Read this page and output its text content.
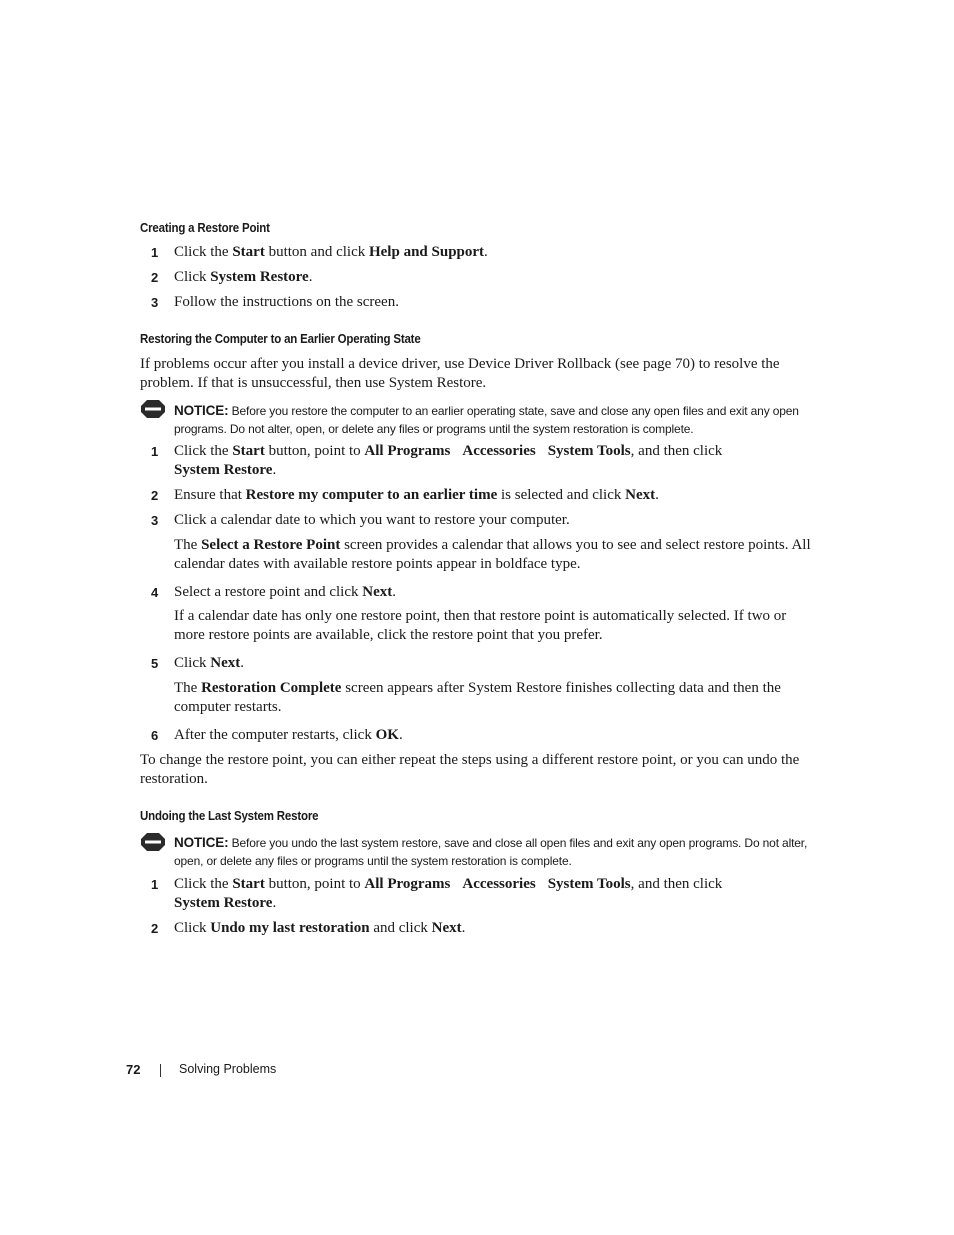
Creating a Restore Point
1	Click the Start button and click Help and Support.
2	Click System Restore.
3	Follow the instructions on the screen.
Restoring the Computer to an Earlier Operating State
If problems occur after you install a device driver, use Device Driver Rollback (see page 70) to resolve the problem. If that is unsuccessful, then use System Restore.
NOTICE: Before you restore the computer to an earlier operating state, save and close any open files and exit any open programs. Do not alter, open, or delete any files or programs until the system restoration is complete.
1	Click the Start button, point to All Programs Accessories System Tools, and then click
System Restore.
2	Ensure that Restore my computer to an earlier time is selected and click Next.
3	Click a calendar date to which you want to restore your computer.
The Select a Restore Point screen provides a calendar that allows you to see and select restore points. All calendar dates with available restore points appear in boldface type.
4	Select a restore point and click Next.
If a calendar date has only one restore point, then that restore point is automatically selected. If two or more restore points are available, click the restore point that you prefer.
5	Click Next.
The Restoration Complete screen appears after System Restore finishes collecting data and then the computer restarts.
6	After the computer restarts, click OK.
To change the restore point, you can either repeat the steps using a different restore point, or you can undo the restoration.
Undoing the Last System Restore
NOTICE: Before you undo the last system restore, save and close all open files and exit any open programs. Do not alter, open, or delete any files or programs until the system restoration is complete.
1	Click the Start button, point to All Programs Accessories System Tools, and then click
System Restore.
2	Click Undo my last restoration and click Next.
72	Solving Problems
